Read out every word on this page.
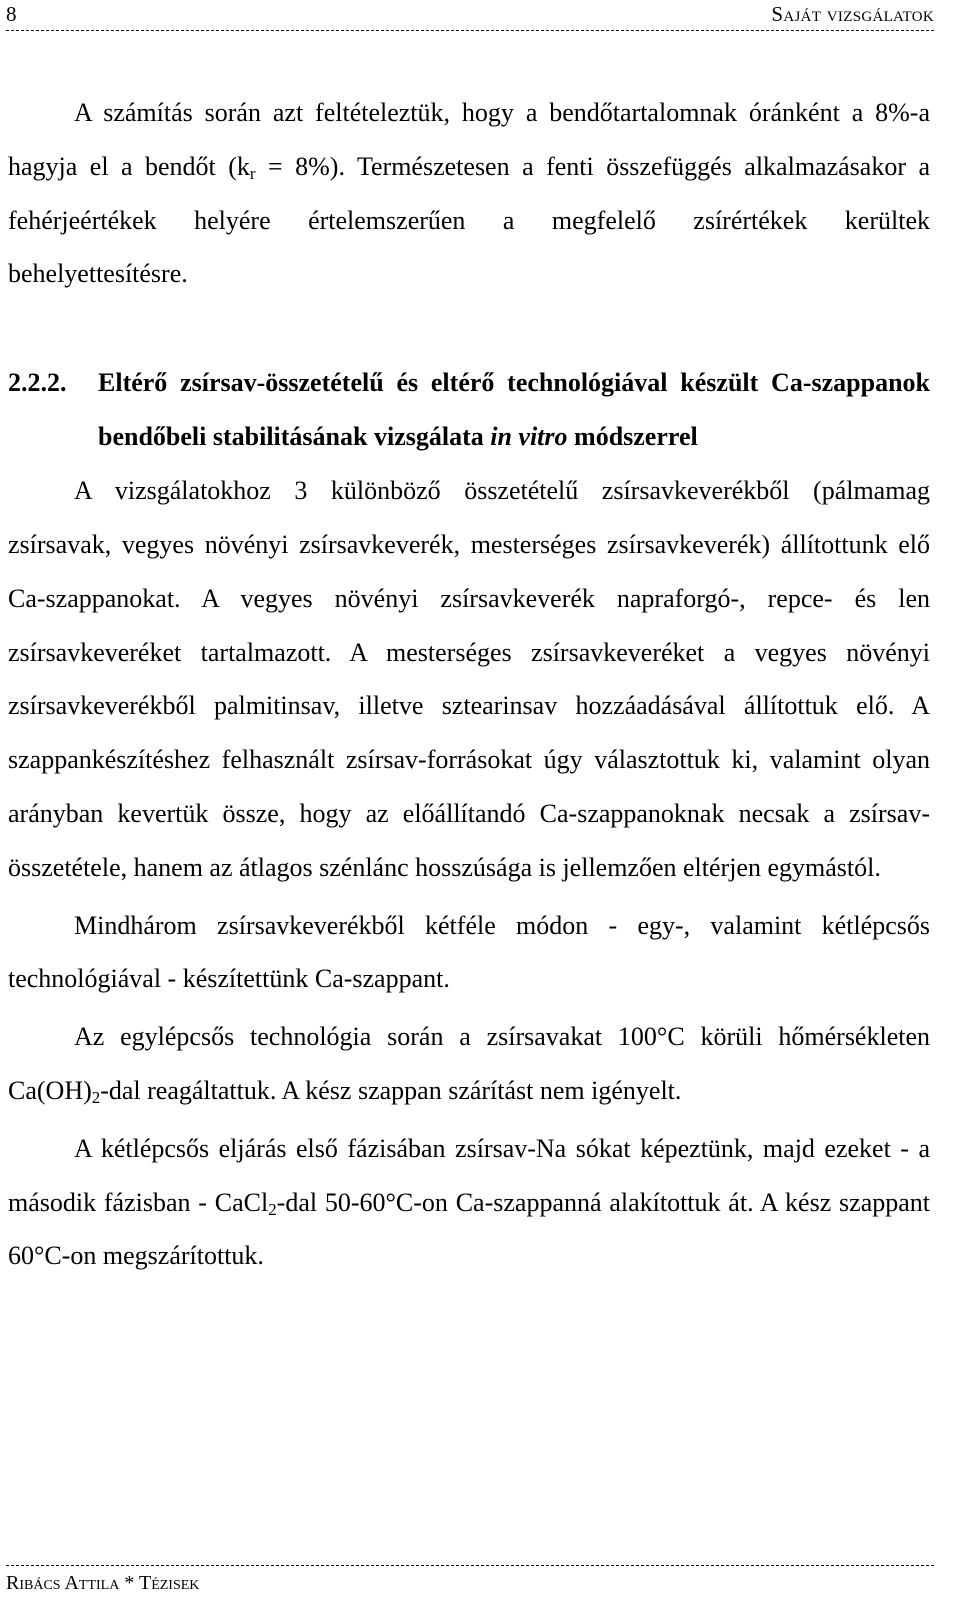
8	Saját vizsgálatok

A számítás során azt feltételeztük, hogy a bendőtartalomnak óránként a 8%-a hagyja el a bendőt $(k_r = 8\%)$. Természetesen a fenti összefüggés alkalmazásakor a fehérjeértékek helyére értelemszerűen a megfelelő zsírértékek kerültek behelyettesítésre.

2.2.2. Eltérő zsírsav-összetételű és eltérő technológiával készült Ca-szappanok bendőbeli stabilitásának vizsgálata in vitro módszerrel

A vizsgálatokhoz 3 különböző összetételű zsírsavkeverékből (pálmamag zsírsavak, vegyes növényi zsírsavkeverék, mesterséges zsírsavkeverék) állítottunk elő Ca-szappanokat. A vegyes növényi zsírsavkeverék napraforgó-, repce- és len zsírsavkeveréket tartalmazott. A mesterséges zsírsavkeveréket a vegyes növényi zsírsavkeverékből palmitinsav, illetve sztearinsav hozzáadásával állítottuk elő. A szappankészítéshez felhasznált zsírsav-forrásokat úgy választottuk ki, valamint olyan arányban kevertük össze, hogy az előállítandó Ca-szappanoknak necsak a zsírsav-összetétele, hanem az átlagos szénlánc hosszúsága is jellemzően eltérjen egymástól.

Mindhárom zsírsavkeverékből kétféle módon - egy-, valamint kétlépcsős technológiával - készítettünk Ca-szappant.

Az egylépcsős technológia során a zsírsavakat 100°C körüli hőmérsékleten $Ca(OH)_2$-dal reagáltattuk. A kész szappan szárítást nem igényelt.

A kétlépcsős eljárás első fázisában zsírsav-Na sókat képeztünk, majd ezeket - a második fázisban - CaCl$_2$-dal 50-60°C-on Ca-szappanná alakítottuk át. A kész szappant 60°C-on megszárítottuk.

Ribács Attila * Tézisek
